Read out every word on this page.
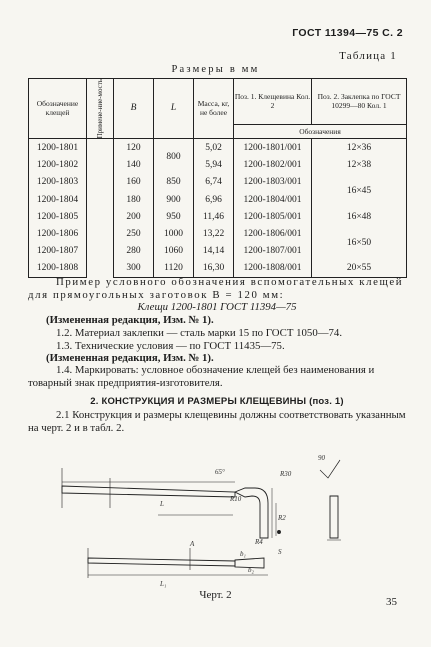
ГОСТ 11394—75 С. 2
Таблица 1
Размеры в мм
Обозначение клещей	Примене-ние-мость	B	L	Масса, кг, не более	Поз. 1. Клещевина Кол. 2	Поз. 2. Заклепка по ГОСТ 10299—80 Кол. 1
					Обозначения	
1200-1801		120	800	5,02	1200-1801/001	12×36
1200-1802		140		5,94	1200-1802/001	12×38
1200-1803		160	850	6,74	1200-1803/001	16×45
1200-1804		180	900	6,96	1200-1804/001	
1200-1805		200	950	11,46	1200-1805/001	16×48
1200-1806		250	1000	13,22	1200-1806/001	16×50
1200-1807		280	1060	14,14	1200-1807/001	
1200-1808		300	1120	16,30	1200-1808/001	20×55
Пример условного обозначения вспомогательных клещей для прямоугольных заготовок B = 120 мм:
Клещи 1200-1801 ГОСТ 11394—75
(Измененная редакция, Изм. № 1).
1.2. Материал заклепки — сталь марки 15 по ГОСТ 1050—74.
1.3. Технические условия — по ГОСТ 11435—75.
(Измененная редакция, Изм. № 1).
1.4. Маркировать: условное обозначение клещей без наименования и товарный знак предприятия-изготовителя.
2. КОНСТРУКЦИЯ И РАЗМЕРЫ КЛЕЩЕВИНЫ (поз. 1)
2.1 Конструкция и размеры клещевины должны соответствовать указанным на черт. 2 и в табл. 2.
65°	R30
R10
R2
R4
L
L₁
S
b₁
b₂
90
A
Черт. 2
35
